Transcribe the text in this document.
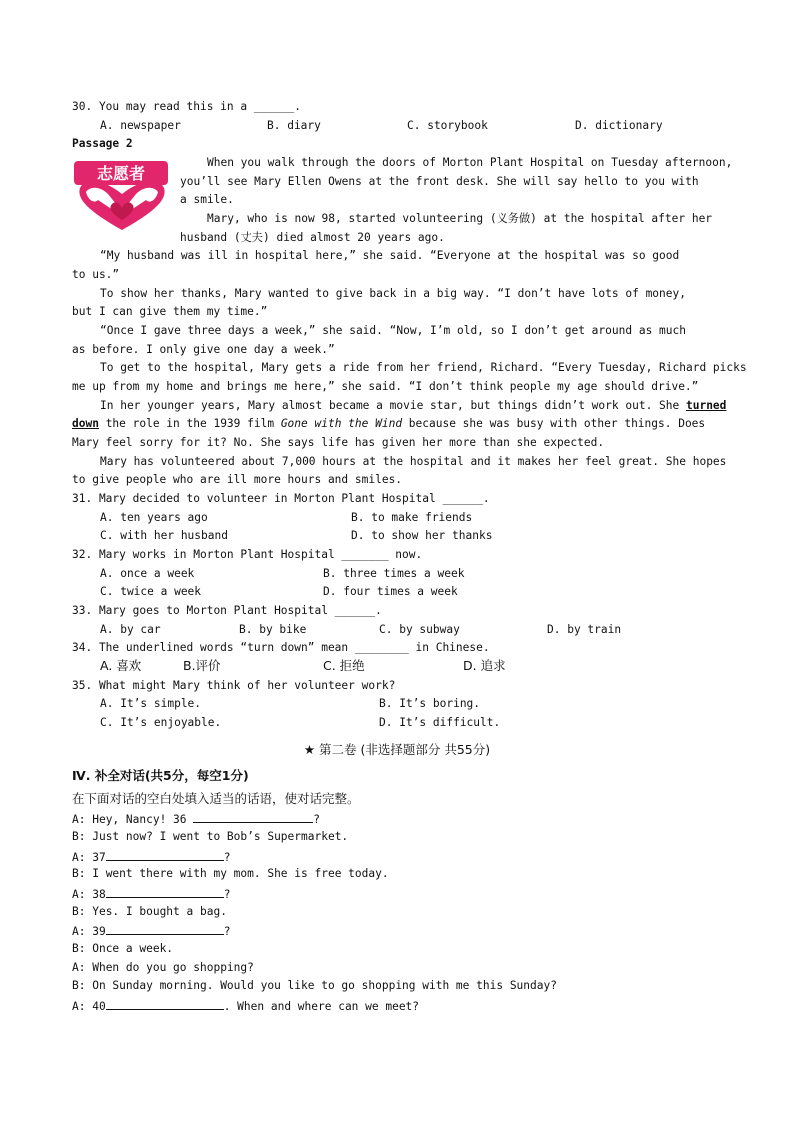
30. You may read this in a ______.
A. newspaper	B. diary	C. storybook	D. dictionary
Passage 2
志愿者
When you walk through the doors of Morton Plant Hospital on Tuesday afternoon,
you’ll see Mary Ellen Owens at the front desk. She will say hello to you with
a smile.
Mary, who is now 98, started volunteering (义务做) at the hospital after her
husband (丈夫) died almost 20 years ago.
“My husband was ill in hospital here,” she said. “Everyone at the hospital was so good
to us.”
To show her thanks, Mary wanted to give back in a big way. “I don’t have lots of money,
but I can give them my time.”
“Once I gave three days a week,” she said. “Now, I’m old, so I don’t get around as much
as before. I only give one day a week.”
To get to the hospital, Mary gets a ride from her friend, Richard. “Every Tuesday, Richard picks
me up from my home and brings me here,” she said. “I don’t think people my age should drive.”
In her younger years, Mary almost became a movie star, but things didn’t work out. She turned
down the role in the 1939 film Gone with the Wind because she was busy with other things. Does
Mary feel sorry for it? No. She says life has given her more than she expected.
Mary has volunteered about 7,000 hours at the hospital and it makes her feel great. She hopes
to give people who are ill more hours and smiles.
31. Mary decided to volunteer in Morton Plant Hospital ______.
A. ten years ago	B. to make friends
C. with her husband	D. to show her thanks
32. Mary works in Morton Plant Hospital _______ now.
A. once a week	B. three times a week
C. twice a week	D. four times a week
33. Mary goes to Morton Plant Hospital ______.
A. by car	B. by bike	C. by subway	D. by train
34. The underlined words “turn down” mean ________ in Chinese.
A. 喜欢	B.评价	C. 拒绝	D. 追求
35. What might Mary think of her volunteer work?
A. It’s simple.	B. It’s boring.
C. It’s enjoyable.	D. It’s difficult.
★ 第二卷 (非选择题部分 共55分)
Ⅳ. 补全对话(共5分，每空1分)
在下面对话的空白处填入适当的话语，使对话完整。
A: Hey, Nancy! 36	?
B: Just now? I went to Bob’s Supermarket.
A: 37	?
B: I went there with my mom. She is free today.
A: 38	?
B: Yes. I bought a bag.
A: 39	?
B: Once a week.
A: When do you go shopping?
B: On Sunday morning. Would you like to go shopping with me this Sunday?
A: 40	. When and where can we meet?
